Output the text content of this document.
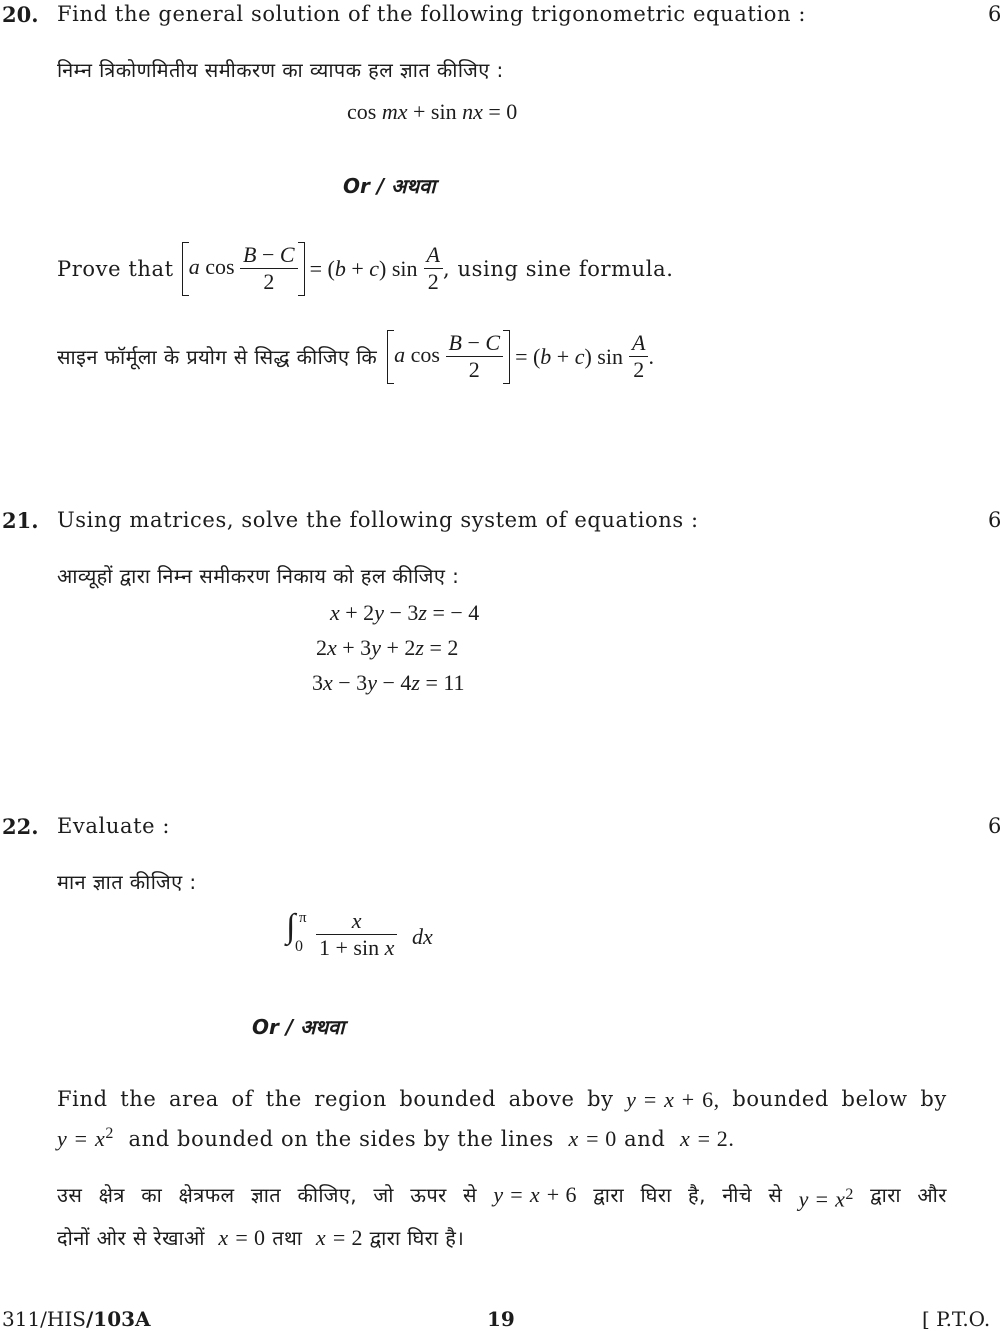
20. Find the general solution of the following trigonometric equation :	6
निम्न त्रिकोणमितीय समीकरण का व्यापक हल ज्ञात कीजिए :
cos mx + sin nx = 0
Or / अथवा
Prove that a $\cos \frac{B - C}{2} = (b + c)$ $\sin \frac{A}{2}$ , using sine formula.
साइन फॉर्मूला के प्रयोग से सिद्ध कीजिए कि a $\cos \frac{B - C}{2} = (b + c)$ $\sin \frac{A}{2}$ .
21. Using matrices, solve the following system of equations :	6
आव्यूहों द्वारा निम्न समीकरण निकाय को हल कीजिए :
x + 2y − 3z = − 4
2x + 3y + 2z = 2
3x − 3y − 4z = 11
22. Evaluate :	6
मान ज्ञात कीजिए :
∫ π
$0 \frac{x}{\text{1 + sin x}}$ dx
Or / अथवा
Find the area of the region bounded above by y = x + 6, bounded below by
$y = x^2$  and bounded on the sides by the lines  x = 0 and  x = 2.
उस क्षेत्र का क्षेत्रफल ज्ञात कीजिए, जो ऊपर से y = x + 6 द्वारा घिरा है, नीचे से $y = x^2$ द्वारा और
दोनों ओर से रेखाओं  x = 0 तथा  x = 2 द्वारा घिरा है।
311/HIS/103A	19	[ P.T.O.
